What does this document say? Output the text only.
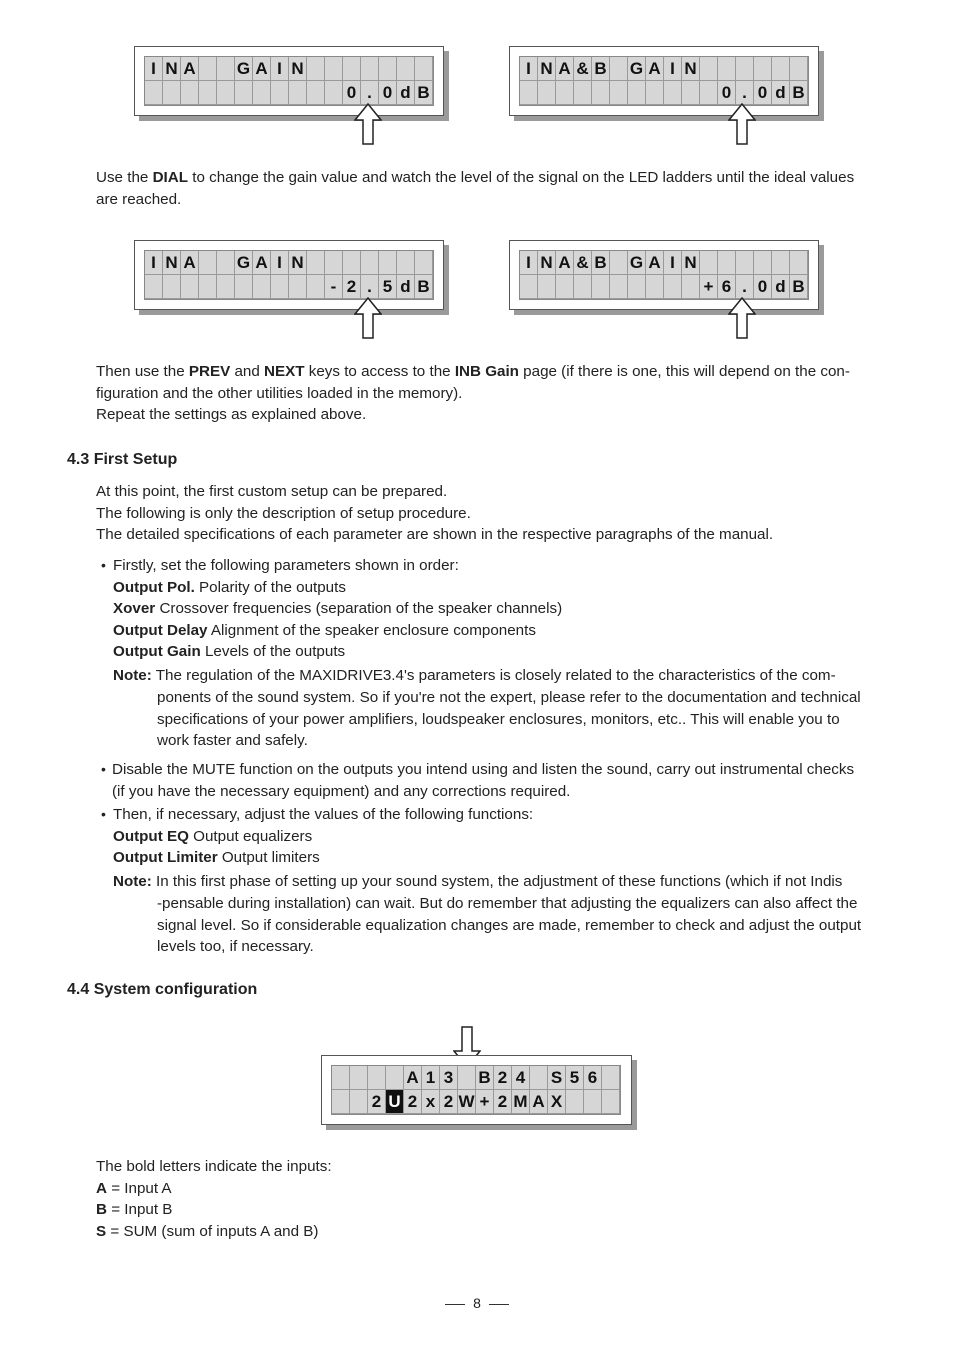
I N A G A I N
0 . 0 d B
I N A & B G A I N
0 . 0 d B

Use the DIAL to change the gain value and watch the level of the signal on the LED ladders until the ideal values
are reached.

I N A G A I N
- 2 . 5 d B
I N A & B G A I N
+ 6 . 0 d B

Then use the PREV and NEXT keys to access to the INB Gain page (if there is one, this will depend on the con-
figuration and the other utilities loaded in the memory).
Repeat the settings as explained above.

4.3 First Setup

At this point, the first custom setup can be prepared.
The following is only the description of setup procedure.
The detailed specifications of each parameter are shown in the respective paragraphs of the manual.

• Firstly, set the following parameters shown in order:
Output Pol. Polarity of the outputs
Xover Crossover frequencies (separation of the speaker channels)
Output Delay Alignment of the speaker enclosure components
Output Gain Levels of the outputs

Note: The regulation of the MAXIDRIVE3.4's parameters is closely related to the characteristics of the com-

ponents of the sound system. So if you're not the expert, please refer to the documentation and technical
specifications of your power amplifiers, loudspeaker enclosures, monitors, etc.. This will enable you to
work faster and safely.

• Disable the MUTE function on the outputs you intend using and listen the sound, carry out instrumental checks
(if you have the necessary equipment) and any corrections required.

• Then, if necessary, adjust the values of the following functions:
Output EQ Output equalizers
Output Limiter Output limiters

Note: In this first phase of setting up your sound system, the adjustment of these functions (which if not Indis

-pensable during installation) can wait. But do remember that adjusting the equalizers can also affect the
signal level. So if considerable equalization changes are made, remember to check and adjust the output
levels too, if necessary.

4.4 System configuration
A 1 3 B 2 4 S 5 6
2 U 2 x 2 W + 2 M A X

The bold letters indicate the inputs:
A = Input A
B = Input B
S = SUM (sum of inputs A and B)

8
